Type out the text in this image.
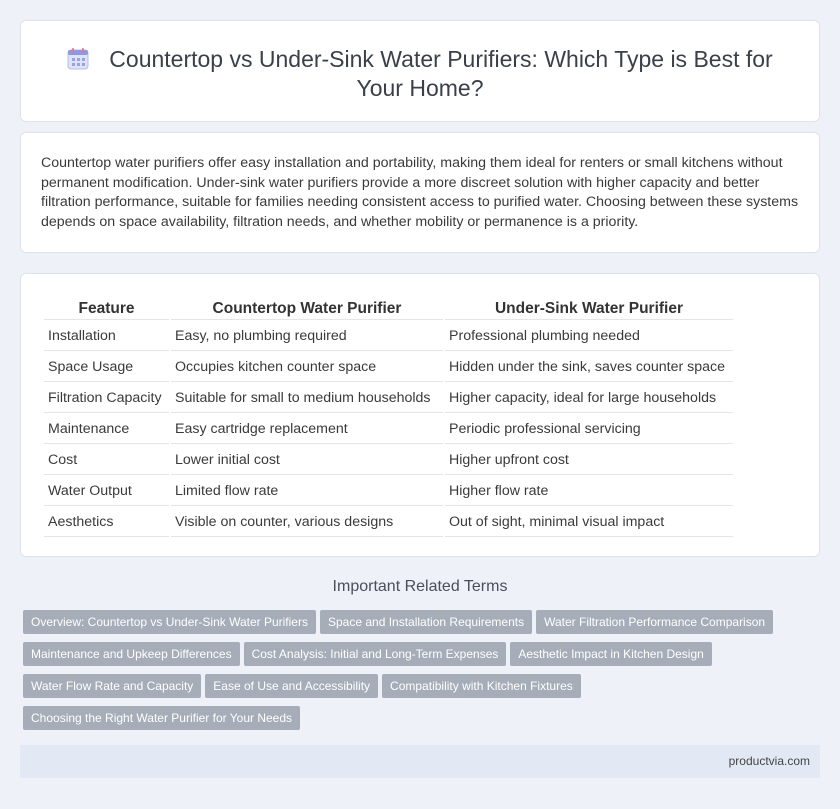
Countertop vs Under-Sink Water Purifiers: Which Type is Best for Your Home?

Countertop water purifiers offer easy installation and portability, making them ideal for renters or small kitchens without permanent modification. Under-sink water purifiers provide a more discreet solution with higher capacity and better filtration performance, suitable for families needing consistent access to purified water. Choosing between these systems depends on space availability, filtration needs, and whether mobility or permanence is a priority.

Feature	Countertop Water Purifier	Under-Sink Water Purifier
Installation	Easy, no plumbing required	Professional plumbing needed
Space Usage	Occupies kitchen counter space	Hidden under the sink, saves counter space
Filtration Capacity	Suitable for small to medium households	Higher capacity, ideal for large households
Maintenance	Easy cartridge replacement	Periodic professional servicing
Cost	Lower initial cost	Higher upfront cost
Water Output	Limited flow rate	Higher flow rate
Aesthetics	Visible on counter, various designs	Out of sight, minimal visual impact
Important Related Terms
Overview: Countertop vs Under-Sink Water Purifiers Space and Installation Requirements Water Filtration Performance Comparison
Maintenance and Upkeep Differences Cost Analysis: Initial and Long-Term Expenses Aesthetic Impact in Kitchen Design
Water Flow Rate and Capacity Ease of Use and Accessibility Compatibility with Kitchen Fixtures
Choosing the Right Water Purifier for Your Needs
productvia.com
